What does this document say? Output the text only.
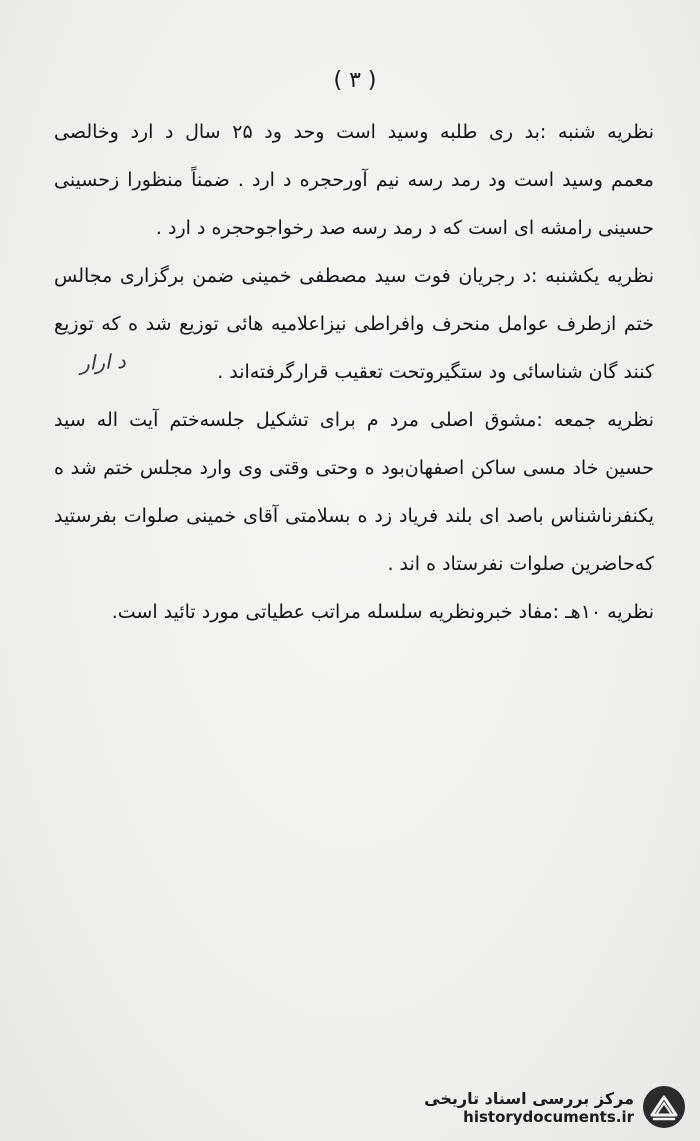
( ۳ )
نظریه شنبه :بد ری طلبه وسید است وحد ود ۲۵ سال د ارد وخالصی
معمم وسید است ود رمد رسه نیم آورحجره د ارد . ضمناً منظورا زحسینی
حسینی رامشه ای است که د رمد رسه صد رخواجوحجره د ارد .
نظریه یکشنبه :د رجریان فوت سید مصطفی خمینی ضمن برگزاری مجالس
ختم ازطرف عوامل منحرف وافراطی نیزاعلامیه هائی توزیع شد ه که توزیع
کنند گان شناسائی ود ستگیروتحت تعقیب قرارگرفته‌اند .
نظریه جمعه :مشوق اصلی مرد م برای تشکیل جلسه‌ختم آیت اله سید
حسین خاد مسی ساکن اصفهان‌بود ه وحتی وقتی وی وارد مجلس ختم شد ه
یکنفرناشناس باصد ای بلند فریاد زد ه بسلامتی آقای خمینی صلوات بفرستید
که‌حاضرین صلوات نفرستاد ه اند .
نظریه ۱۰هـ :مفاد خبرونظریه سلسله مراتب عطیاتی مورد تائید است.
د ارار
مرکز بررسی اسناد تاریخی
historydocuments.ir
